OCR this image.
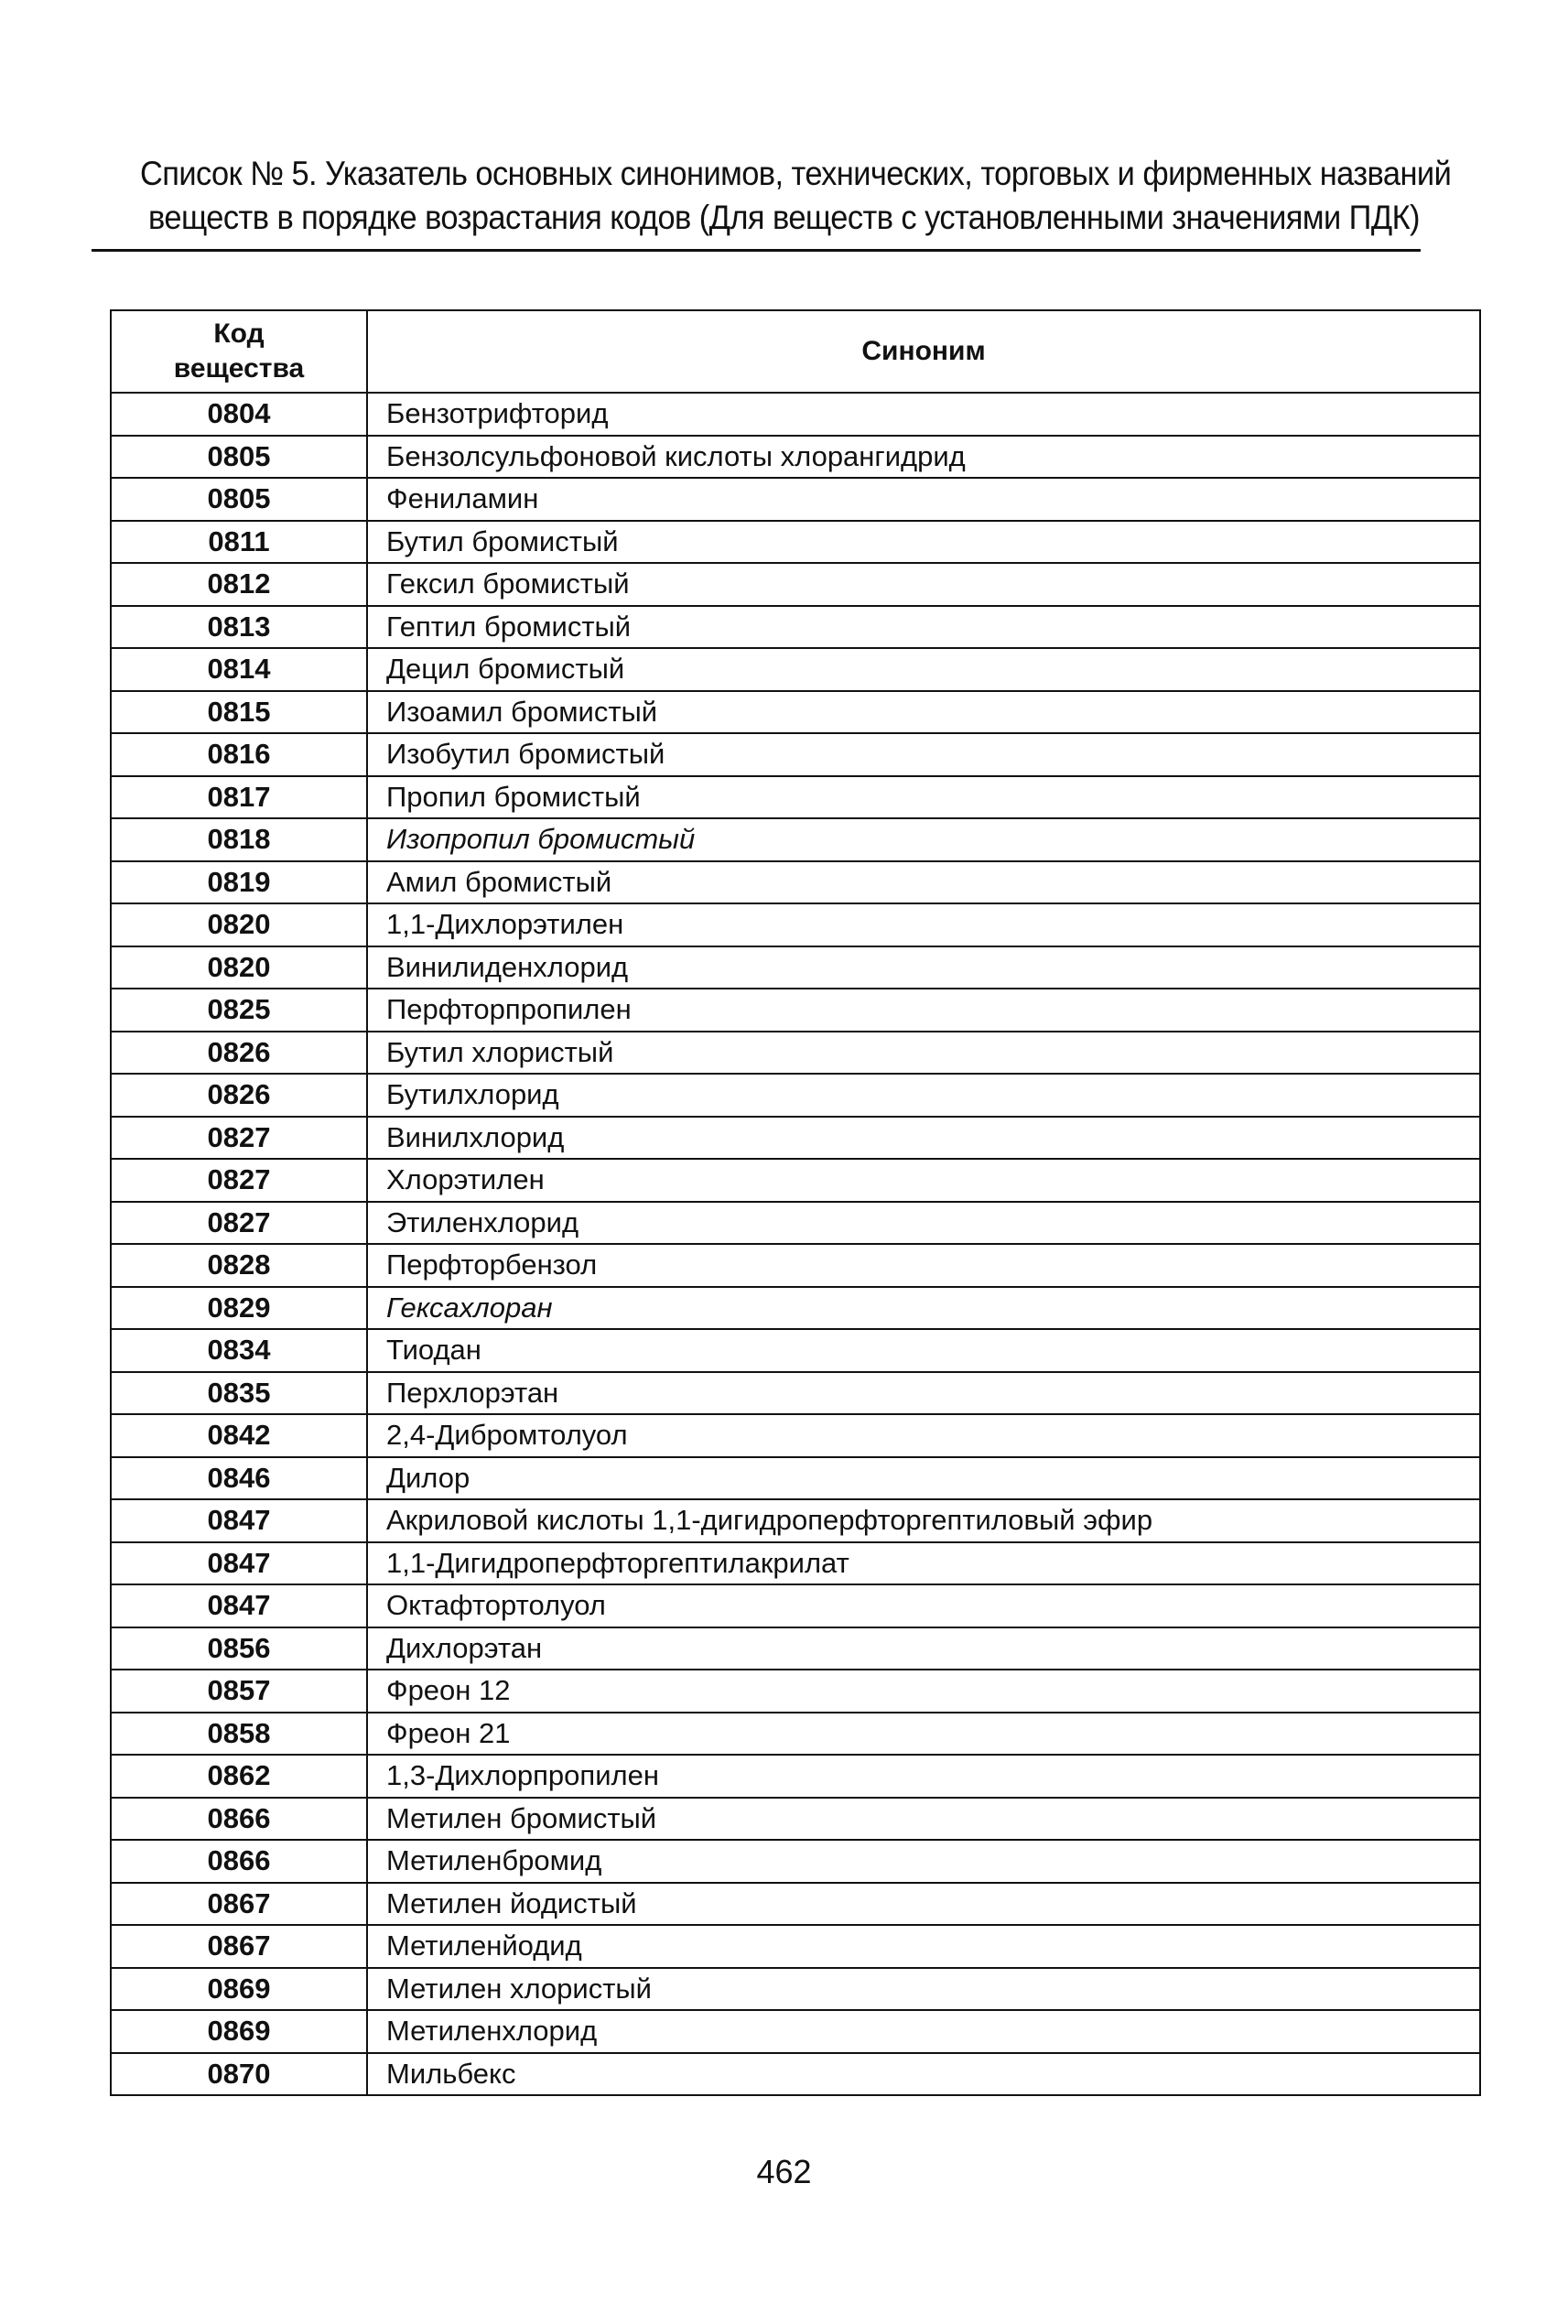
Список № 5. Указатель основных синонимов, технических, торговых и фирменных названий
веществ в порядке возрастания кодов (Для веществ с установленными значениями ПДК)
Код
вещества	Синоним
0804	Бензотрифторид
0805	Бензолсульфоновой кислоты хлорангидрид
0805	Фениламин
0811	Бутил бромистый
0812	Гексил бромистый
0813	Гептил бромистый
0814	Децил бромистый
0815	Изоамил бромистый
0816	Изобутил бромистый
0817	Пропил бромистый
0818	Изопропил бромистый
0819	Амил бромистый
0820	1,1-Дихлорэтилен
0820	Винилиденхлорид
0825	Перфторпропилен
0826	Бутил хлористый
0826	Бутилхлорид
0827	Винилхлорид
0827	Хлорэтилен
0827	Этиленхлорид
0828	Перфторбензол
0829	Гексахлоран
0834	Тиодан
0835	Перхлорэтан
0842	2,4-Дибромтолуол
0846	Дилор
0847	Акриловой кислоты 1,1-дигидроперфторгептиловый эфир
0847	1,1-Дигидроперфторгептилакрилат
0847	Октафтортолуол
0856	Дихлорэтан
0857	Фреон 12
0858	Фреон 21
0862	1,3-Дихлорпропилен
0866	Метилен бромистый
0866	Метиленбромид
0867	Метилен йодистый
0867	Метиленйодид
0869	Метилен хлористый
0869	Метиленхлорид
0870	Мильбекс
462
